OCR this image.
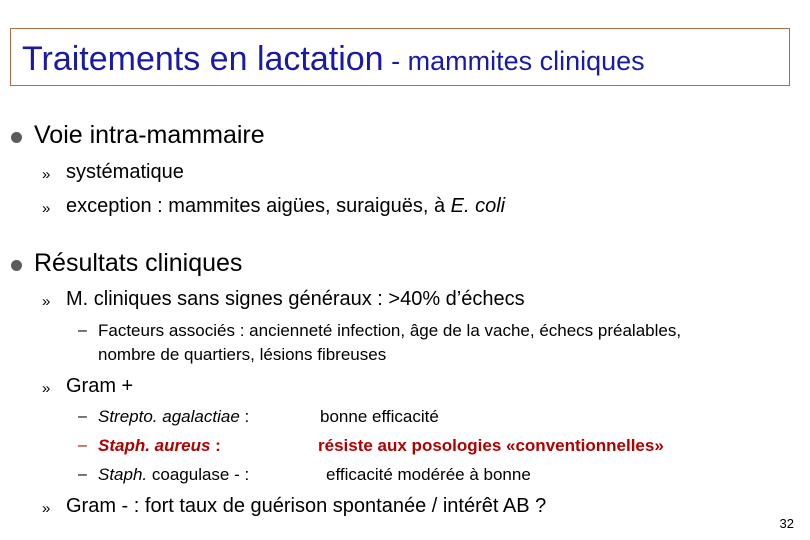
Traitements en lactation - mammites cliniques
Voie intra-mammaire
» systématique
» exception : mammites aigües, suraiguës, à E. coli
Résultats cliniques
» M. cliniques sans signes généraux : >40% d’échecs
– Facteurs associés : ancienneté infection, âge de la vache, échecs préalables,
nombre de quartiers, lésions fibreuses
» Gram +
– Strepto. agalactiae :	bonne efficacité
– Staph. aureus :	résiste aux posologies «conventionnelles»
– Staph. coagulase - :	efficacité modérée à bonne
» Gram - : fort taux de guérison spontanée / intérêt AB ?
32
